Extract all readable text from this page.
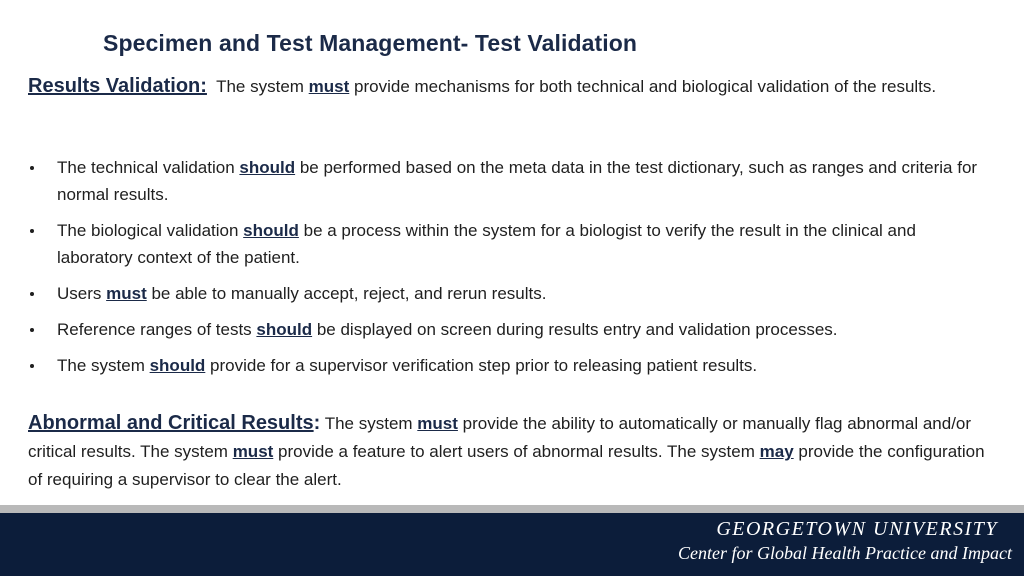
Specimen and Test Management- Test Validation
Results Validation: The system must provide mechanisms for both technical and biological validation of the results.
The technical validation should be performed based on the meta data in the test dictionary, such as ranges and criteria for normal results.
The biological validation should be a process within the system for a biologist to verify the result in the clinical and laboratory context of the patient.
Users must be able to manually accept, reject, and rerun results.
Reference ranges of tests should be displayed on screen during results entry and validation processes.
The system should provide for a supervisor verification step prior to releasing patient results.
Abnormal and Critical Results: The system must provide the ability to automatically or manually flag abnormal and/or critical results. The system must provide a feature to alert users of abnormal results. The system may provide the configuration of requiring a supervisor to clear the alert.
GEORGETOWN UNIVERSITY
Center for Global Health Practice and Impact
